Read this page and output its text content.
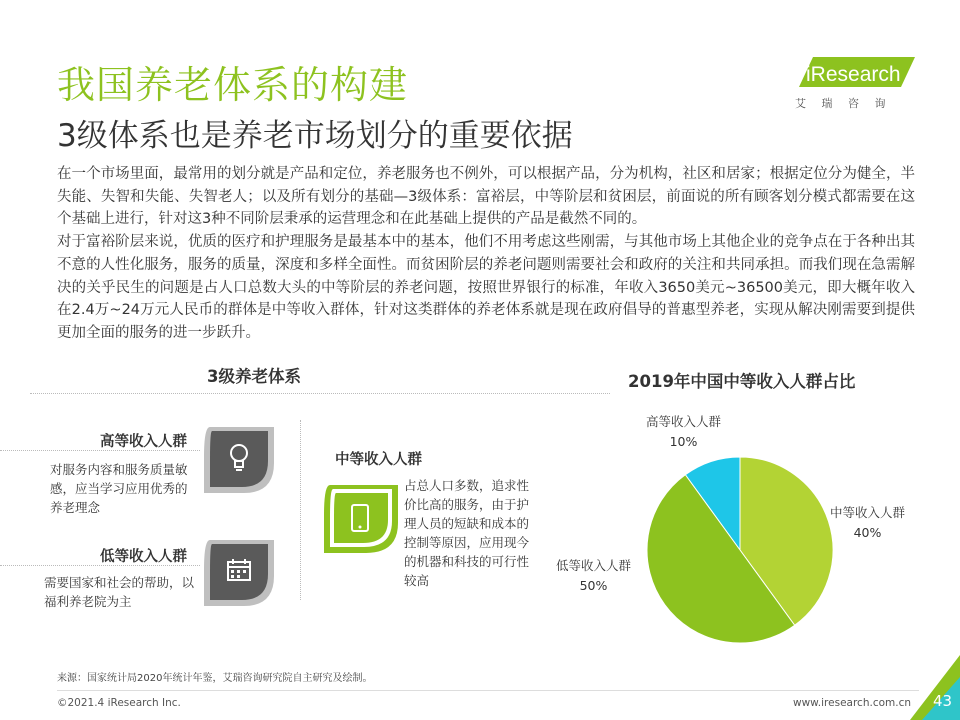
我国养老体系的构建
3级体系也是养老市场划分的重要依据
iResearch
艾 瑞 咨 询

在一个市场里面，最常用的划分就是产品和定位，养老服务也不例外，可以根据产品，分为机构，社区和居家；根据定位分为健全，半失能、失智和失能、失智老人；以及所有划分的基础—3级体系：富裕层，中等阶层和贫困层，前面说的所有顾客划分模式都需要在这个基础上进行，针对这3种不同阶层秉承的运营理念和在此基础上提供的产品是截然不同的。

对于富裕阶层来说，优质的医疗和护理服务是最基本中的基本，他们不用考虑这些刚需，与其他市场上其他企业的竞争点在于各种出其不意的人性化服务，服务的质量，深度和多样全面性。而贫困阶层的养老问题则需要社会和政府的关注和共同承担。而我们现在急需解决的关乎民生的问题是占人口总数大头的中等阶层的养老问题，按照世界银行的标准，年收入3650美元~36500美元，即大概年收入在2.4万~24万元人民币的群体是中等收入群体，针对这类群体的养老体系就是现在政府倡导的普惠型养老，实现从解决刚需要到提供更加全面的服务的进一步跃升。

3级养老体系
高等收入人群
对服务内容和服务质量敏感，应当学习应用优秀的养老理念
低等收入人群
需要国家和社会的帮助，以福利养老院为主
中等收入人群
占总人口多数，追求性价比高的服务，由于护理人员的短缺和成本的控制等原因，应用现今的机器和科技的可行性较高
2019年中国中等收入人群占比
高等收入人群
10%
中等收入人群
40%
低等收入人群
50%
来源：国家统计局2020年统计年鉴，艾瑞咨询研究院自主研究及绘制。
©2021.4 iResearch Inc.	www.iresearch.com.cn 43
